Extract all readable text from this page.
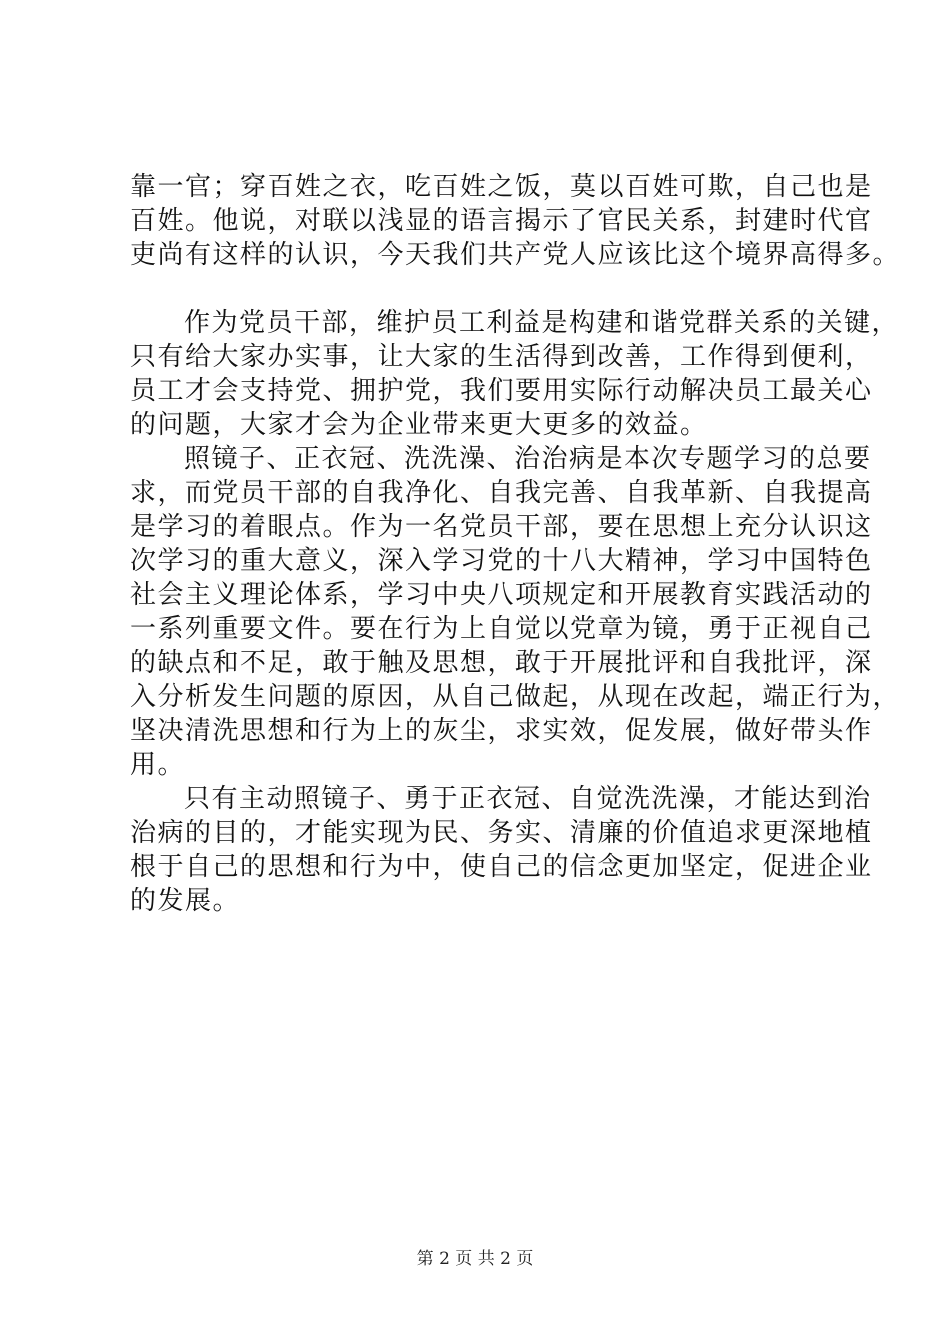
靠一官；穿百姓之衣，吃百姓之饭，莫以百姓可欺，自己也是
百姓。他说，对联以浅显的语言揭示了官民关系，封建时代官
吏尚有这样的认识，今天我们共产党人应该比这个境界高得多。
作为党员干部，维护员工利益是构建和谐党群关系的关键，
只有给大家办实事，让大家的生活得到改善，工作得到便利，
员工才会支持党、拥护党，我们要用实际行动解决员工最关心
的问题，大家才会为企业带来更大更多的效益。
照镜子、正衣冠、洗洗澡、治治病是本次专题学习的总要
求，而党员干部的自我净化、自我完善、自我革新、自我提高
是学习的着眼点。作为一名党员干部，要在思想上充分认识这
次学习的重大意义，深入学习党的十八大精神，学习中国特色
社会主义理论体系，学习中央八项规定和开展教育实践活动的
一系列重要文件。要在行为上自觉以党章为镜，勇于正视自己
的缺点和不足，敢于触及思想，敢于开展批评和自我批评，深
入分析发生问题的原因，从自己做起，从现在改起，端正行为，
坚决清洗思想和行为上的灰尘，求实效，促发展，做好带头作
用。
只有主动照镜子、勇于正衣冠、自觉洗洗澡，才能达到治
治病的目的，才能实现为民、务实、清廉的价值追求更深地植
根于自己的思想和行为中，使自己的信念更加坚定，促进企业
的发展。
第 2 页 共 2 页
